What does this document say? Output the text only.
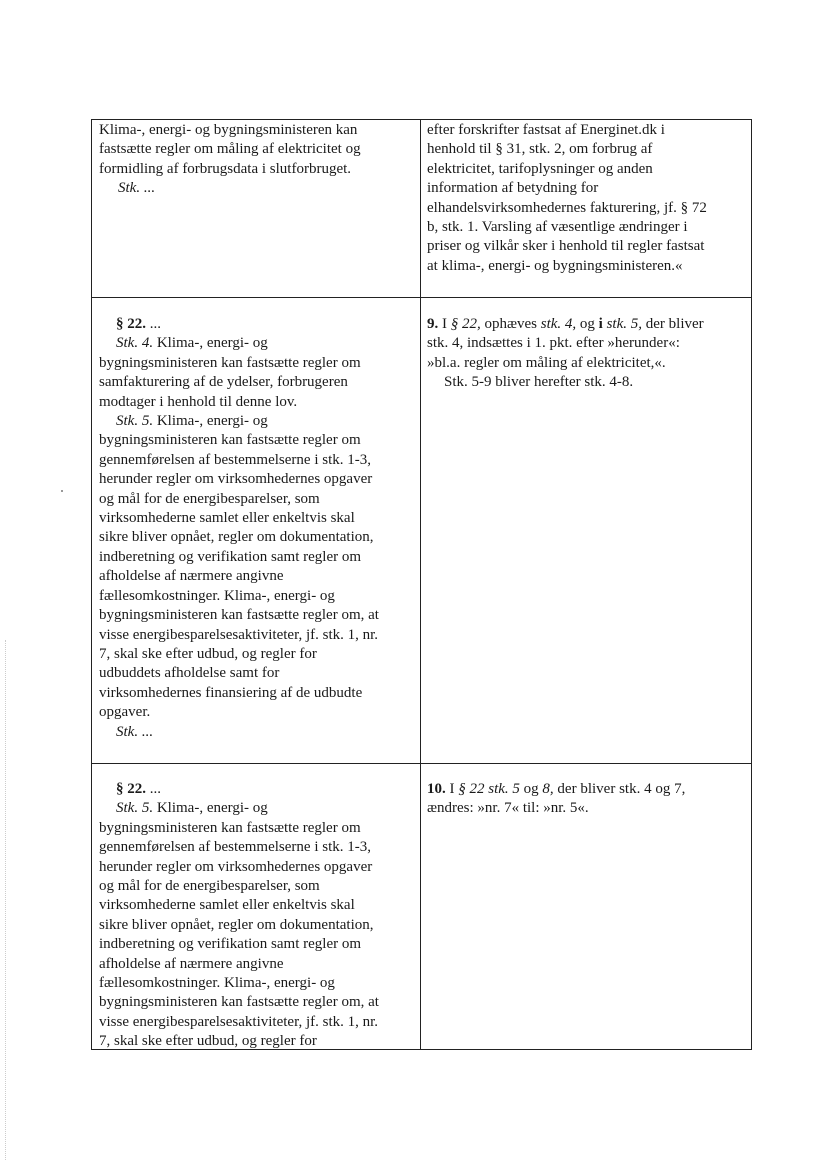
Klima-, energi- og bygningsministeren kan

fastsætte regler om måling af elektricitet og

formidling af forbrugsdata i slutforbruget.

Stk. ...

efter forskrifter fastsat af Energinet.dk i

henhold til § 31, stk. 2, om forbrug af

elektricitet, tarifoplysninger og anden

information af betydning for

elhandelsvirksomhedernes fakturering, jf. § 72

b, stk. 1. Varsling af væsentlige ændringer i

priser og vilkår sker i henhold til regler fastsat

at klima-, energi- og bygningsministeren.«

§ 22. ...

Stk. 4. Klima-, energi- og

bygningsministeren kan fastsætte regler om

samfakturering af de ydelser, forbrugeren

modtager i henhold til denne lov.

Stk. 5. Klima-, energi- og

bygningsministeren kan fastsætte regler om

gennemførelsen af bestemmelserne i stk. 1-3,

herunder regler om virksomhedernes opgaver

og mål for de energibesparelser, som

virksomhederne samlet eller enkeltvis skal

sikre bliver opnået, regler om dokumentation,

indberetning og verifikation samt regler om

afholdelse af nærmere angivne

fællesomkostninger. Klima-, energi- og

bygningsministeren kan fastsætte regler om, at

visse energibesparelsesaktiviteter, jf. stk. 1, nr.

7, skal ske efter udbud, og regler for

udbuddets afholdelse samt for

virksomhedernes finansiering af de udbudte

opgaver.

Stk. ...

9. I § 22, ophæves stk. 4, og i stk. 5, der bliver

stk. 4, indsættes i 1. pkt. efter »herunder«:

»bl.a. regler om måling af elektricitet,«.

Stk. 5-9 bliver herefter stk. 4-8.

§ 22. ...

Stk. 5. Klima-, energi- og

bygningsministeren kan fastsætte regler om

gennemførelsen af bestemmelserne i stk. 1-3,

herunder regler om virksomhedernes opgaver

og mål for de energibesparelser, som

virksomhederne samlet eller enkeltvis skal

sikre bliver opnået, regler om dokumentation,

indberetning og verifikation samt regler om

afholdelse af nærmere angivne

fællesomkostninger. Klima-, energi- og

bygningsministeren kan fastsætte regler om, at

visse energibesparelsesaktiviteter, jf. stk. 1, nr.

7, skal ske efter udbud, og regler for

10. I § 22 stk. 5 og 8, der bliver stk. 4 og 7,

ændres: »nr. 7« til: »nr. 5«.
